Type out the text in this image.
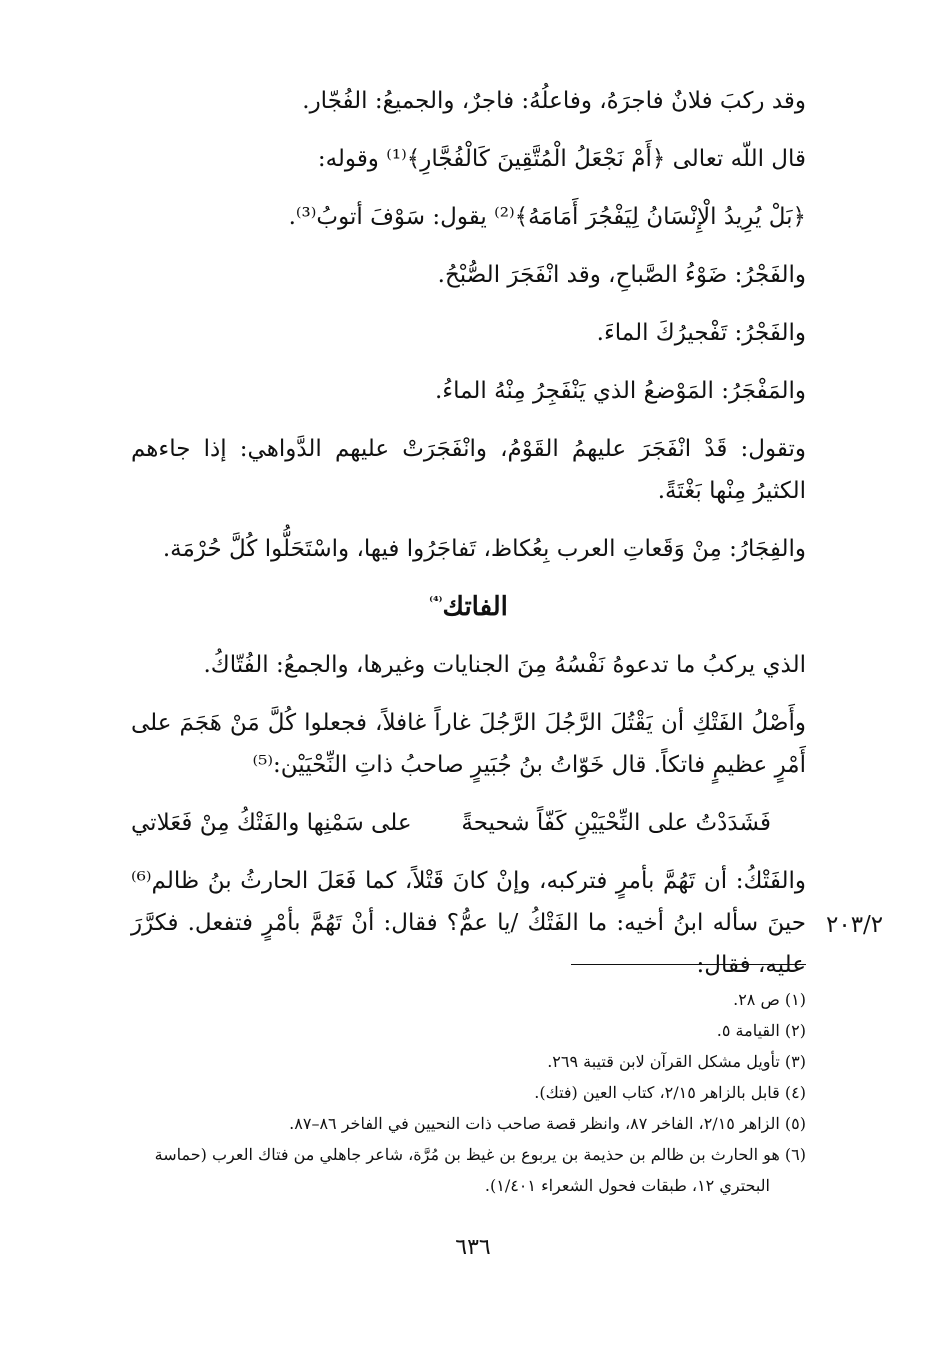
وقد ركبَ فلانٌ فاجرَهُ، وفاعلُهُ: فاجرٌ، والجميعُ: الفُجّار.

قال اللّه تعالى ﴿أَمْ نَجْعَلُ الْمُتَّقِينَ كَالْفُجَّارِ﴾⁽¹⁾ وقوله:

﴿بَلْ يُرِيدُ الْإِنْسَانُ لِيَفْجُرَ أَمَامَهُ﴾⁽²⁾ يقول: سَوْفَ أتوبُ⁽³⁾.

والفَجْرُ: ضَوْءُ الصَّباحِ، وقد انْفَجَرَ الصُّبْحُ.

والفَجْرُ: تَفْجيرُكَ الماءَ.

والمَفْجَرُ: المَوْضعُ الذي يَنْفَجِرُ مِنْهُ الماءُ.

وتقول: قَدْ انْفَجَرَ عليهمُ القَوْمُ، وانْفَجَرَتْ عليهم الدَّواهي: إذا جاءهم الكثيرُ مِنْها بَغْتَةً.

والفِجَارُ: مِنْ وَقَعاتِ العرب بِعُكاظ، تَفاجَرُوا فيها، واسْتَحَلُّوا كُلَّ حُرْمَة.

الفاتك$^{^{(4)}}$

الذي يركبُ ما تدعوهُ نَفْسُهُ مِنَ الجنايات وغيرها، والجمعُ: الفُتّاكُ.

وأَصْلُ الفَتْكِ أن يَقْتُلَ الرَّجُلَ الرَّجُلَ غاراً غافلاً، فجعلوا كُلَّ مَنْ هَجَمَ على أَمْرٍ عظيمٍ فاتكاً. قال خَوّاتُ بنُ جُبَيرٍ صاحبُ ذاتِ النِّحْيَيْن:⁽⁵⁾

فَشَدَدْتُ على النِّحْيَيْنِ كَفّاً شحيحةً
على سَمْنِها والفَتْكُ مِنْ فَعَلاتي

والفَتْكُ: أن تَهُمَّ بأمرٍ فتركبه، وإنْ كانَ قَتْلاً، كما فَعَلَ الحارثُ بنُ ظالم⁽⁶⁾ حينَ سأله ابنُ أخيه: ما الفَتْكُ /يا عمُّ؟ فقال: أنْ تَهُمَّ بأمْرٍ فتفعل. فكرَّرَ عليه، فقال:

٢٠٣/٢

(١) ص ٢٨.

(٢) القيامة ٥.

(٣) تأويل مشكل القرآن لابن قتيبة ٢٦٩.

(٤) قابل بالزاهر ٢/١٥، كتاب العين (فتك).

(٥) الزاهر ٢/١٥، الفاخر ٨٧، وانظر قصة صاحب ذات النحيين في الفاخر ٨٦–٨٧.

(٦) هو الحارث بن ظالم بن حذيمة بن يربوع بن غيظ بن مُرَّة، شاعر جاهلي من فتاك العرب (حماسة

البحتري ١٢، طبقات فحول الشعراء ١/٤٠١).

٦٣٦
